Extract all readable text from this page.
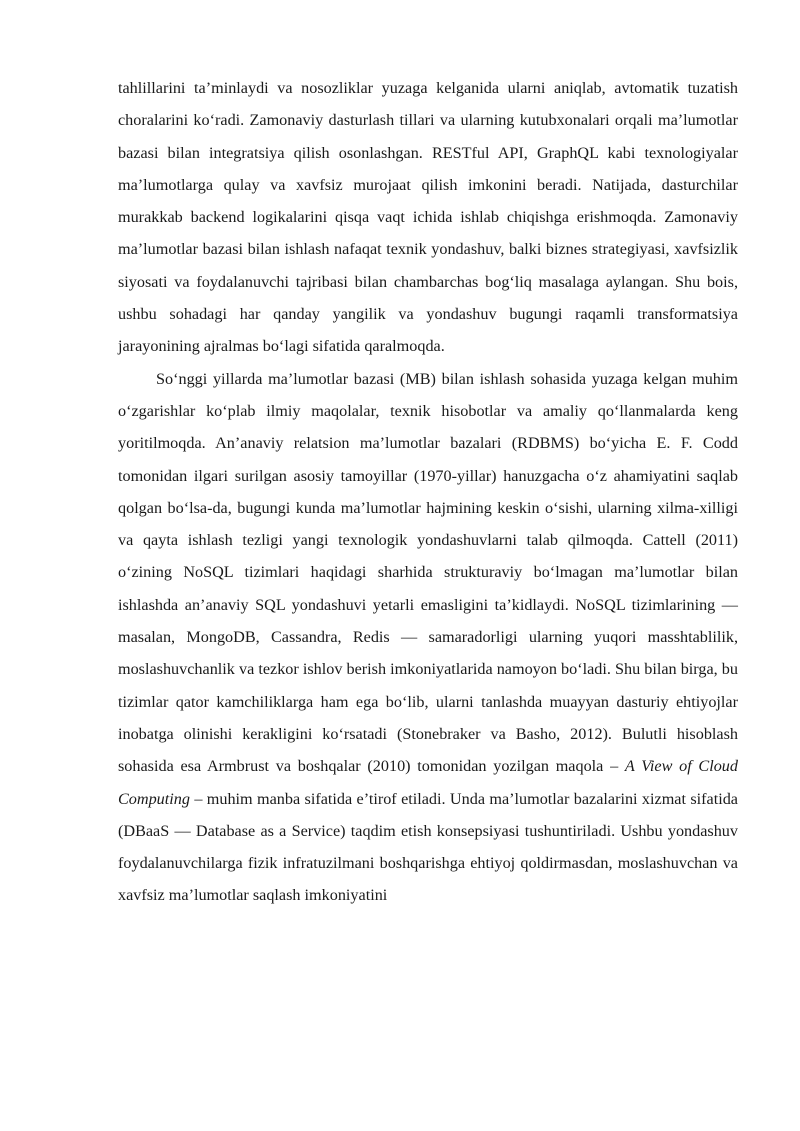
tahlillarini ta’minlaydi va nosozliklar yuzaga kelganida ularni aniqlab, avtomatik tuzatish choralarini ko‘radi. Zamonaviy dasturlash tillari va ularning kutubxonalari orqali ma’lumotlar bazasi bilan integratsiya qilish osonlashgan. RESTful API, GraphQL kabi texnologiyalar ma’lumotlarga qulay va xavfsiz murojaat qilish imkonini beradi. Natijada, dasturchilar murakkab backend logikalarini qisqa vaqt ichida ishlab chiqishga erishmoqda. Zamonaviy ma’lumotlar bazasi bilan ishlash nafaqat texnik yondashuv, balki biznes strategiyasi, xavfsizlik siyosati va foydalanuvchi tajribasi bilan chambarchas bog‘liq masalaga aylangan. Shu bois, ushbu sohadagi har qanday yangilik va yondashuv bugungi raqamli transformatsiya jarayonining ajralmas bo‘lagi sifatida qaralmoqda.

So‘nggi yillarda ma’lumotlar bazasi (MB) bilan ishlash sohasida yuzaga kelgan muhim o‘zgarishlar ko‘plab ilmiy maqolalar, texnik hisobotlar va amaliy qo‘llanmalarda keng yoritilmoqda. An’anaviy relatsion ma’lumotlar bazalari (RDBMS) bo‘yicha E. F. Codd tomonidan ilgari surilgan asosiy tamoyillar (1970-yillar) hanuzgacha o‘z ahamiyatini saqlab qolgan bo‘lsa-da, bugungi kunda ma’lumotlar hajmining keskin o‘sishi, ularning xilma-xilligi va qayta ishlash tezligi yangi texnologik yondashuvlarni talab qilmoqda. Cattell (2011) o‘zining NoSQL tizimlari haqidagi sharhida strukturaviy bo‘lmagan ma’lumotlar bilan ishlashda an’anaviy SQL yondashuvi yetarli emasligini ta’kidlaydi. NoSQL tizimlarining — masalan, MongoDB, Cassandra, Redis — samaradorligi ularning yuqori masshtablilik, moslashuvchanlik va tezkor ishlov berish imkoniyatlarida namoyon bo‘ladi. Shu bilan birga, bu tizimlar qator kamchiliklarga ham ega bo‘lib, ularni tanlashda muayyan dasturiy ehtiyojlar inobatga olinishi kerakligini ko‘rsatadi (Stonebraker va Basho, 2012). Bulutli hisoblash sohasida esa Armbrust va boshqalar (2010) tomonidan yozilgan maqola – A View of Cloud Computing – muhim manba sifatida e’tirof etiladi. Unda ma’lumotlar bazalarini xizmat sifatida (DBaaS — Database as a Service) taqdim etish konsepsiyasi tushuntiriladi. Ushbu yondashuv foydalanuvchilarga fizik infratuzilmani boshqarishga ehtiyoj qoldirmasdan, moslashuvchan va xavfsiz ma’lumotlar saqlash imkoniyatini
